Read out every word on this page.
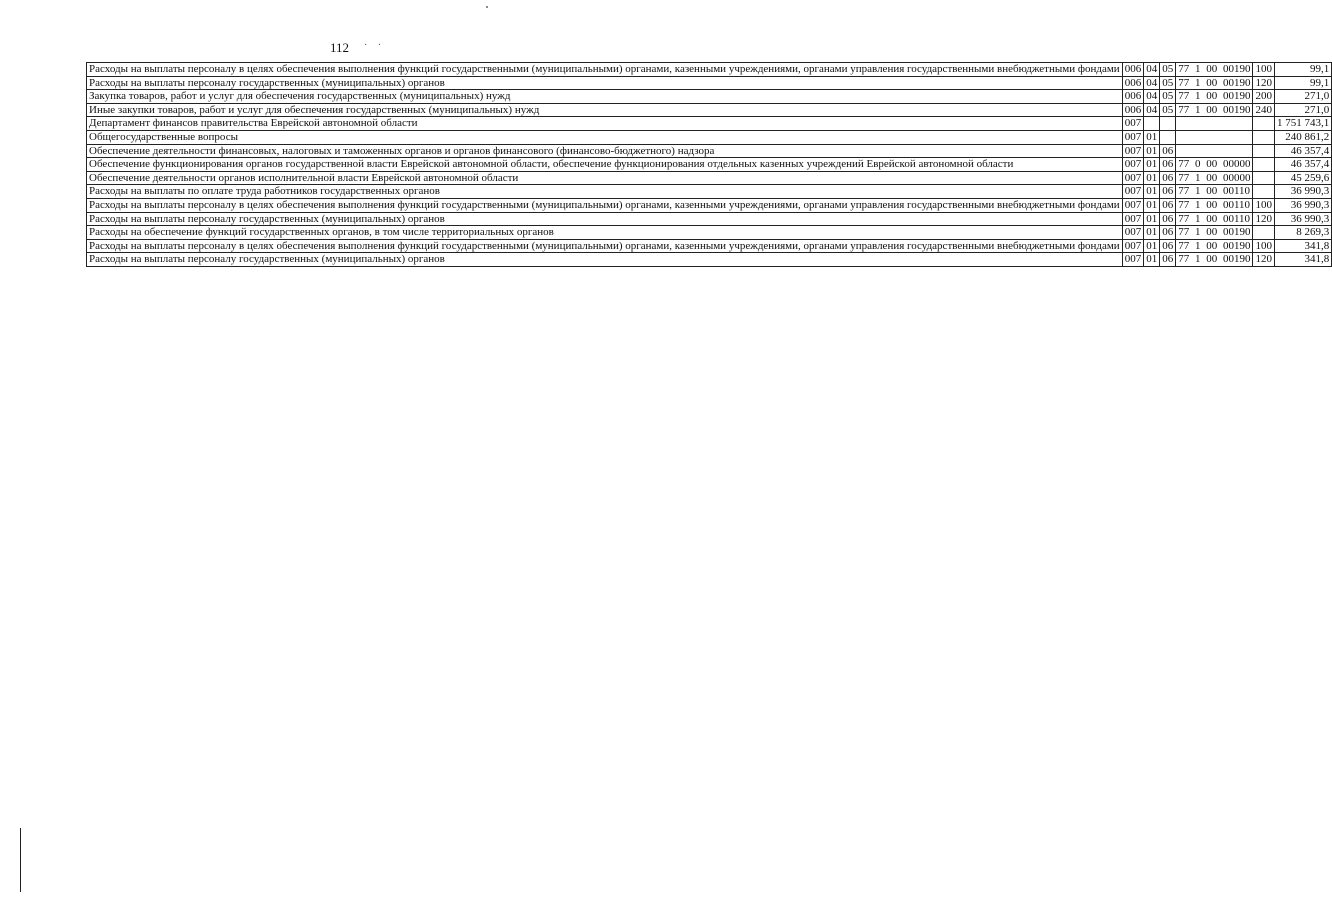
112 · ·
Расходы на выплаты персоналу в целях обеспечения выполнения функций государственными (муниципальными) органами, казенными учреждениями, органами управления государственными внебюджетными фондами	006	04	05	77 1 00 00190	100	99,1
Расходы на выплаты персоналу государственных (муниципальных) органов	006	04	05	77 1 00 00190	120	99,1
Закупка товаров, работ и услуг для обеспечения государственных (муниципальных) нужд	006	04	05	77 1 00 00190	200	271,0
Иные закупки товаров, работ и услуг для обеспечения государственных (муниципальных) нужд	006	04	05	77 1 00 00190	240	271,0
Департамент финансов правительства Еврейской автономной области	007					1 751 743,1
Общегосударственные вопросы	007	01				240 861,2
Обеспечение деятельности финансовых, налоговых и таможенных органов и органов финансового (финансово-бюджетного) надзора	007	01	06			46 357,4
Обеспечение функционирования органов государственной власти Еврейской автономной области, обеспечение функционирования отдельных казенных учреждений Еврейской автономной области	007	01	06	77 0 00 00000		46 357,4
Обеспечение деятельности органов исполнительной власти Еврейской автономной области	007	01	06	77 1 00 00000		45 259,6
Расходы на выплаты по оплате труда работников государственных органов	007	01	06	77 1 00 00110		36 990,3
Расходы на выплаты персоналу в целях обеспечения выполнения функций государственными (муниципальными) органами, казенными учреждениями, органами управления государственными внебюджетными фондами	007	01	06	77 1 00 00110	100	36 990,3
Расходы на выплаты персоналу государственных (муниципальных) органов	007	01	06	77 1 00 00110	120	36 990,3
Расходы на обеспечение функций государственных органов, в том числе территориальных органов	007	01	06	77 1 00 00190		8 269,3
Расходы на выплаты персоналу в целях обеспечения выполнения функций государственными (муниципальными) органами, казенными учреждениями, органами управления государственными внебюджетными фондами	007	01	06	77 1 00 00190	100	341,8
Расходы на выплаты персоналу государственных (муниципальных) органов	007	01	06	77 1 00 00190	120	341,8
